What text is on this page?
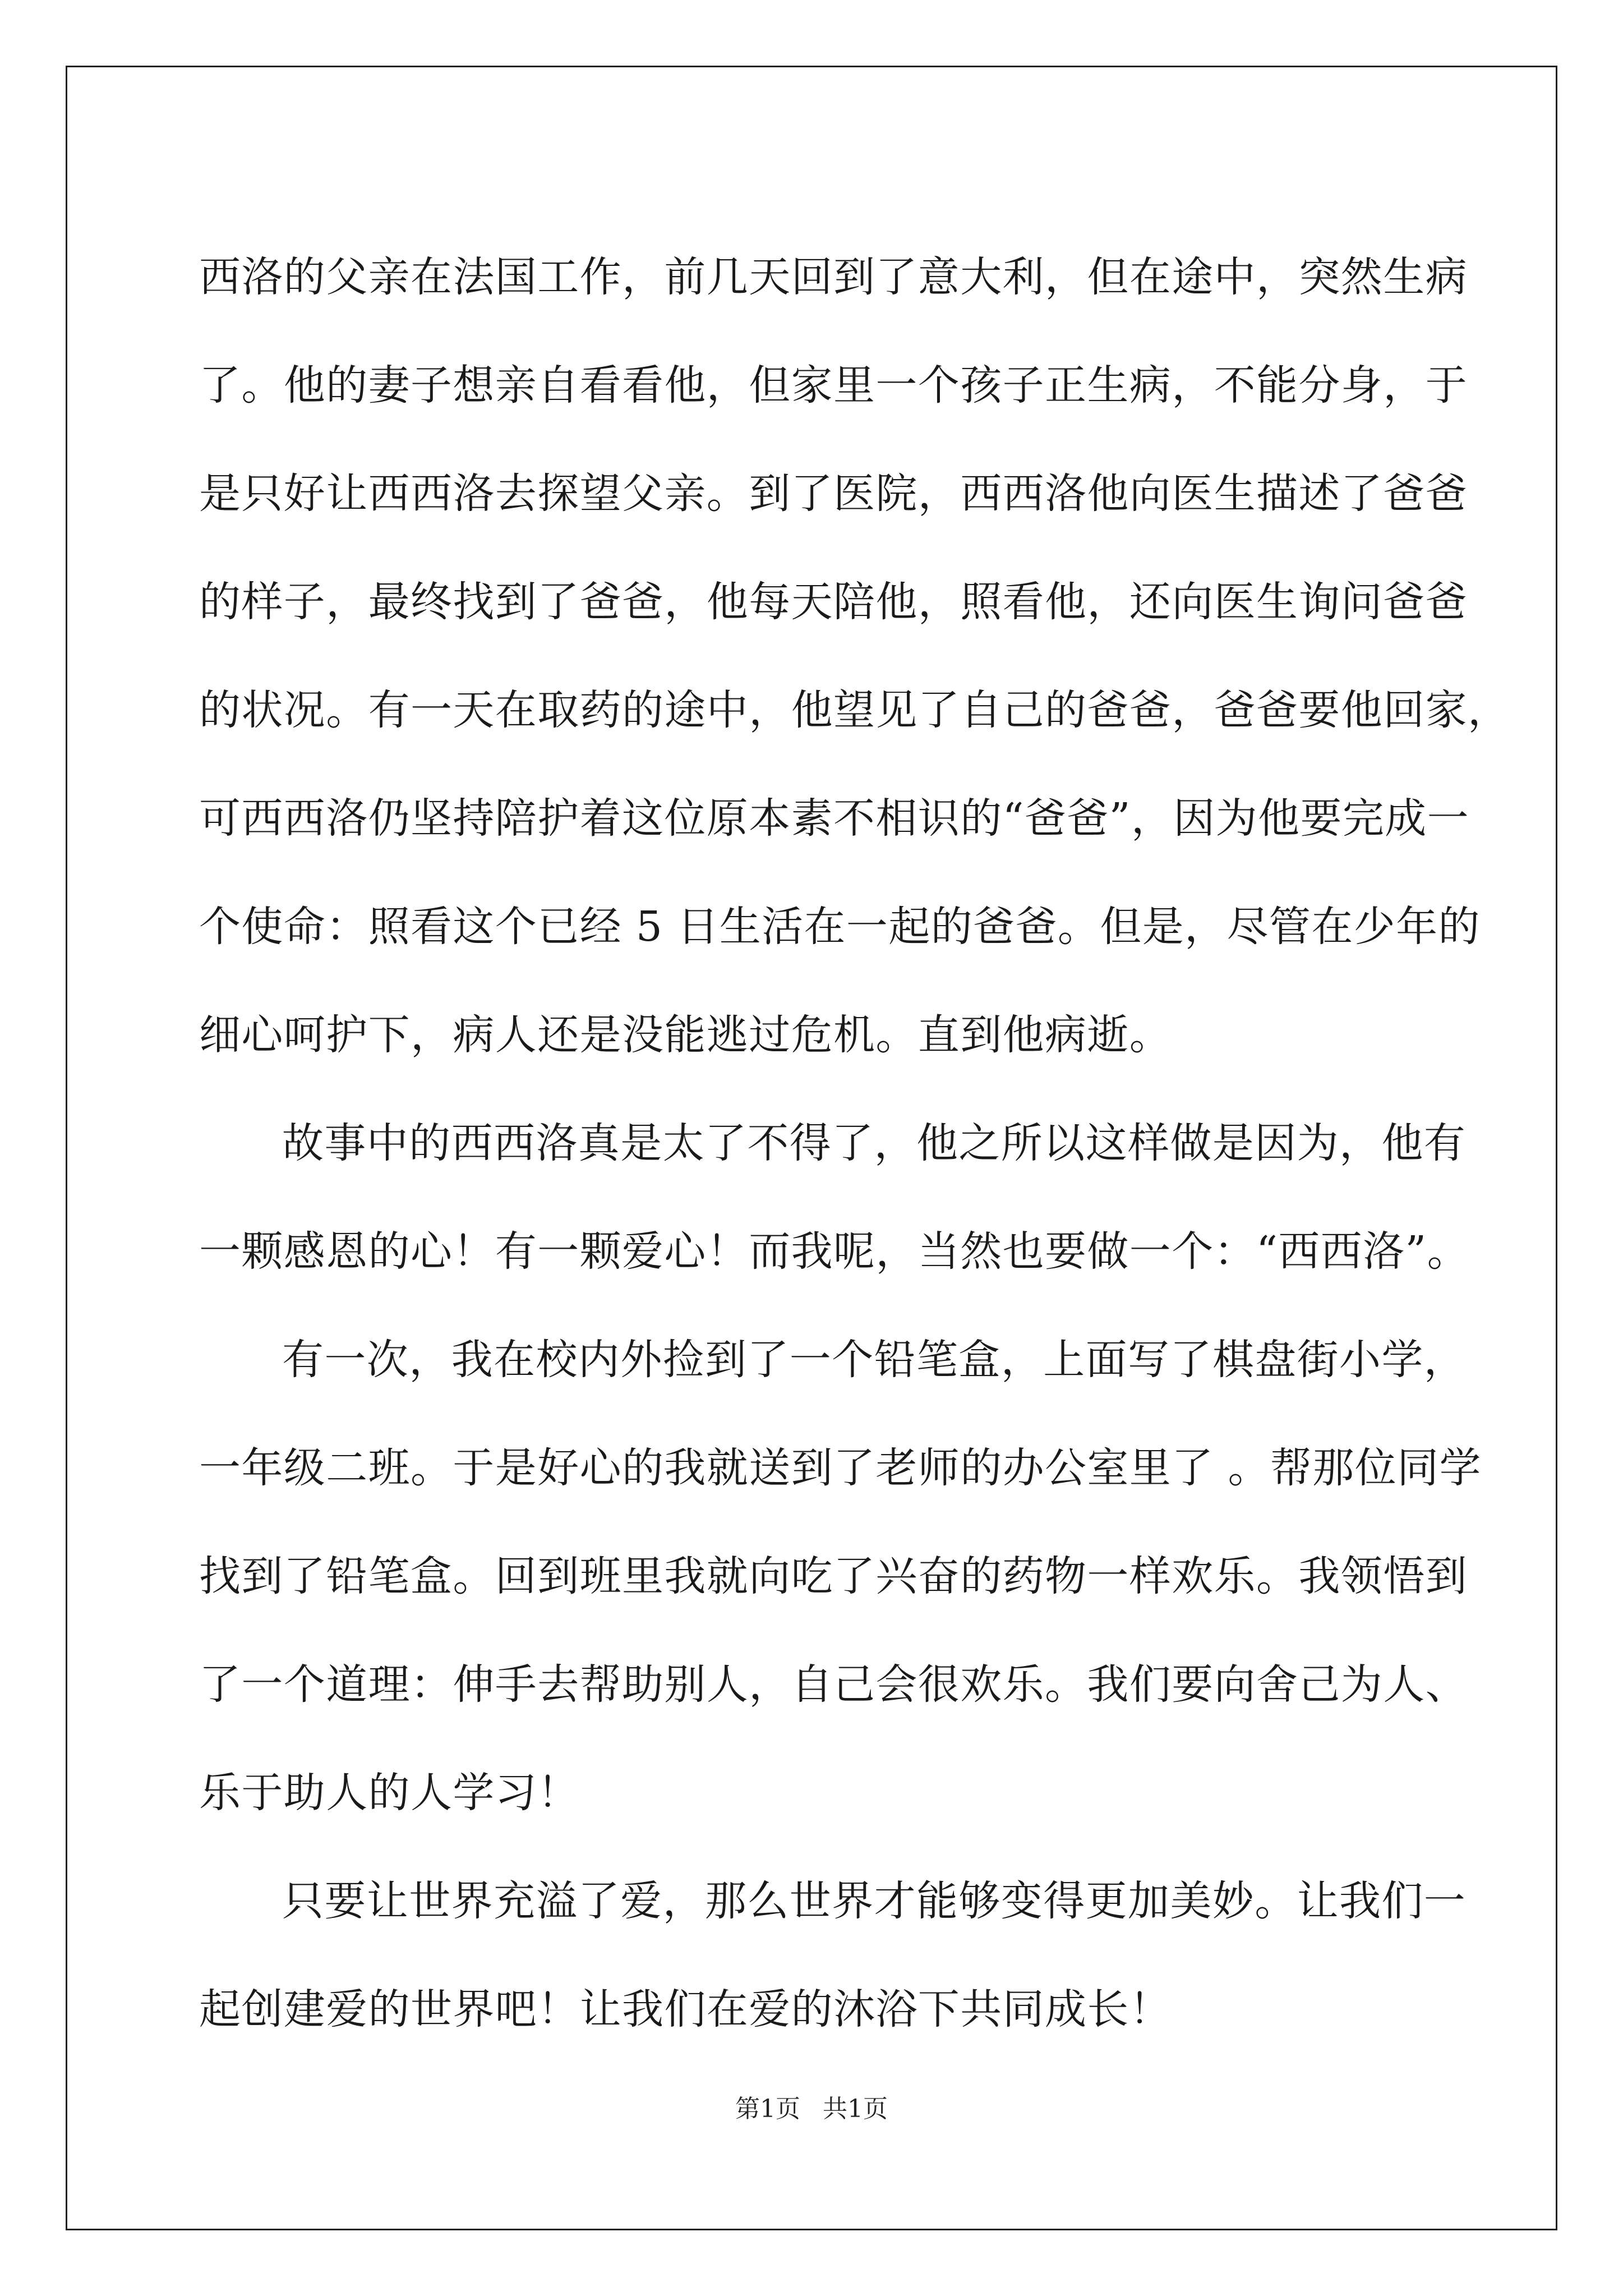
西洛的父亲在法国工作，前几天回到了意大利，但在途中，突然生病
了。他的妻子想亲自看看他，但家里一个孩子正生病，不能分身，于
是只好让西西洛去探望父亲。到了医院，西西洛他向医生描述了爸爸
的样子，最终找到了爸爸，他每天陪他，照看他，还向医生询问爸爸
的状况。有一天在取药的途中，他望见了自己的爸爸，爸爸要他回家，
可西西洛仍坚持陪护着这位原本素不相识的“爸爸”，因为他要完成一
个使命：照看这个已经 5 日生活在一起的爸爸。但是，尽管在少年的
细心呵护下，病人还是没能逃过危机。直到他病逝。
故事中的西西洛真是太了不得了，他之所以这样做是因为，他有
一颗感恩的心！有一颗爱心！而我呢，当然也要做一个：“西西洛”。
有一次，我在校内外捡到了一个铅笔盒，上面写了棋盘街小学，
一年级二班。于是好心的我就送到了老师的办公室里了 。帮那位同学
找到了铅笔盒。回到班里我就向吃了兴奋的药物一样欢乐。我领悟到
了一个道理：伸手去帮助别人，自己会很欢乐。我们要向舍己为人、
乐于助人的人学习！
只要让世界充溢了爱，那么世界才能够变得更加美妙。让我们一
起创建爱的世界吧！让我们在爱的沐浴下共同成长！
第1页 共1页
